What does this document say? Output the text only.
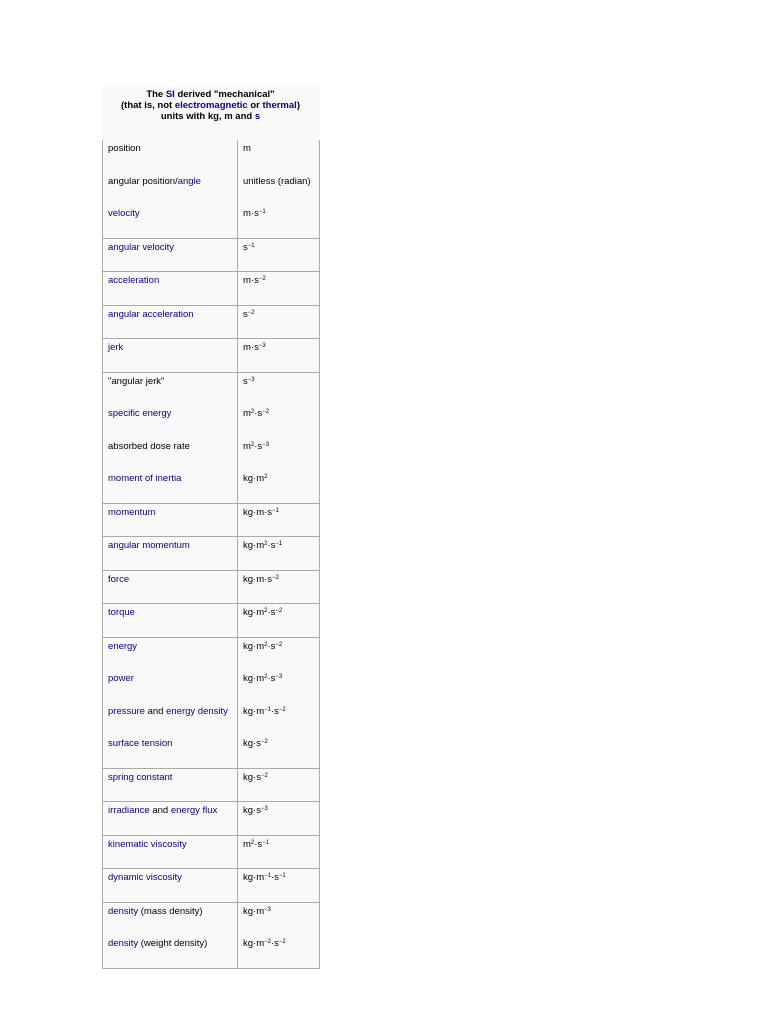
The SI derived "mechanical"
(that is, not electromagnetic or thermal)
units with kg, m and s
position	m
angular position/angle	unitless (radian)
velocity	$m\cdot s^{-1}$
angular velocity	$s^{-1}$
acceleration	$m\cdot s^{-2}$
angular acceleration	$s^{-2}$
jerk	$m\cdot s^{-3}$
"angular jerk"	$s^{-3}$
specific energy	$m^2\cdot s^{-2}$
absorbed dose rate	$m^2\cdot s^{-3}$
moment of inertia	$kg\cdot m^2$
momentum	$kg\cdot m\cdot s^{-1}$
angular momentum	$kg\cdot m^2\cdot s^{-1}$
force	$kg\cdot m\cdot s^{-2}$
torque	$kg\cdot m^2\cdot s^{-2}$
energy	$kg\cdot m^2\cdot s^{-2}$
power	$kg\cdot m^2\cdot s^{-3}$
pressure and energy density	$kg\cdot m^{-1}\cdot s^{-2}$
surface tension	$kg\cdot s^{-2}$
spring constant	$kg\cdot s^{-2}$
irradiance and energy flux	$kg\cdot s^{-3}$
kinematic viscosity	$m^2\cdot s^{-1}$
dynamic viscosity	$kg\cdot m^{-1}\cdot s^{-1}$
density (mass density)	$kg\cdot m^{-3}$
density (weight density)	$kg\cdot m^{-2}\cdot s^{-2}$
